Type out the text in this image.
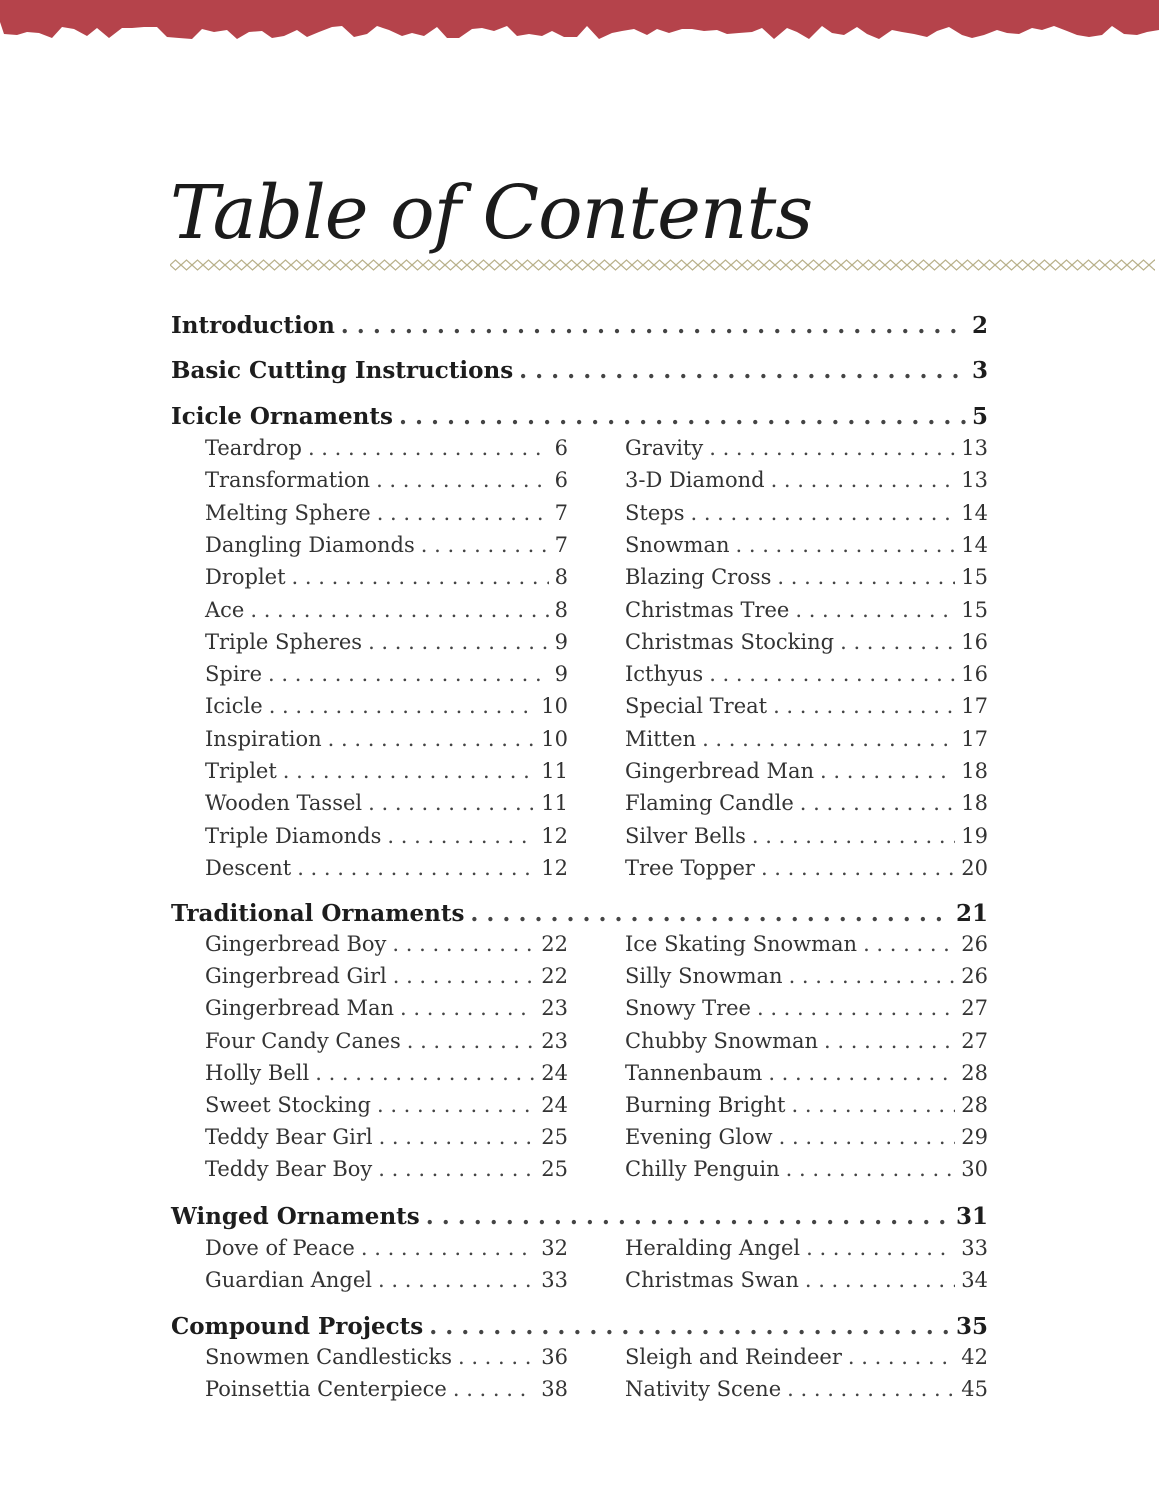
Table of Contents
Introduction . . .	2
Basic Cutting Instructions . . .	3
Icicle Ornaments . . .	5
Teardrop . . .	6
Transformation . . .	6
Melting Sphere . . .	7
Dangling Diamonds . . .	7
Droplet . . .	8
Ace . . .	8
Triple Spheres . . .	9
Spire . . .	9
Icicle . . .	10
Inspiration . . .	10
Triplet . . .	11
Wooden Tassel . . .	11
Triple Diamonds . . .	12
Descent . . .	12
Gravity . . .	13
3-D Diamond . . .	13
Steps . . .	14
Snowman . . .	14
Blazing Cross . . .	15
Christmas Tree . . .	15
Christmas Stocking . . .	16
Icthyus . . .	16
Special Treat . . .	17
Mitten . . .	17
Gingerbread Man . . .	18
Flaming Candle . . .	18
Silver Bells . . .	19
Tree Topper . . .	20
Traditional Ornaments . . .	21
Gingerbread Boy . . .	22
Gingerbread Girl . . .	22
Gingerbread Man . . .	23
Four Candy Canes . . .	23
Holly Bell . . .	24
Sweet Stocking . . .	24
Teddy Bear Girl . . .	25
Teddy Bear Boy . . .	25
Ice Skating Snowman . . .	26
Silly Snowman . . .	26
Snowy Tree . . .	27
Chubby Snowman . . .	27
Tannenbaum . . .	28
Burning Bright . . .	28
Evening Glow . . .	29
Chilly Penguin . . .	30
Winged Ornaments . . .	31
Dove of Peace . . .	32
Guardian Angel . . .	33
Heralding Angel . . .	33
Christmas Swan . . .	34
Compound Projects . . .	35
Snowmen Candlesticks . . .	36
Poinsettia Centerpiece . . .	38
Sleigh and Reindeer . . .	42
Nativity Scene . . .	45
